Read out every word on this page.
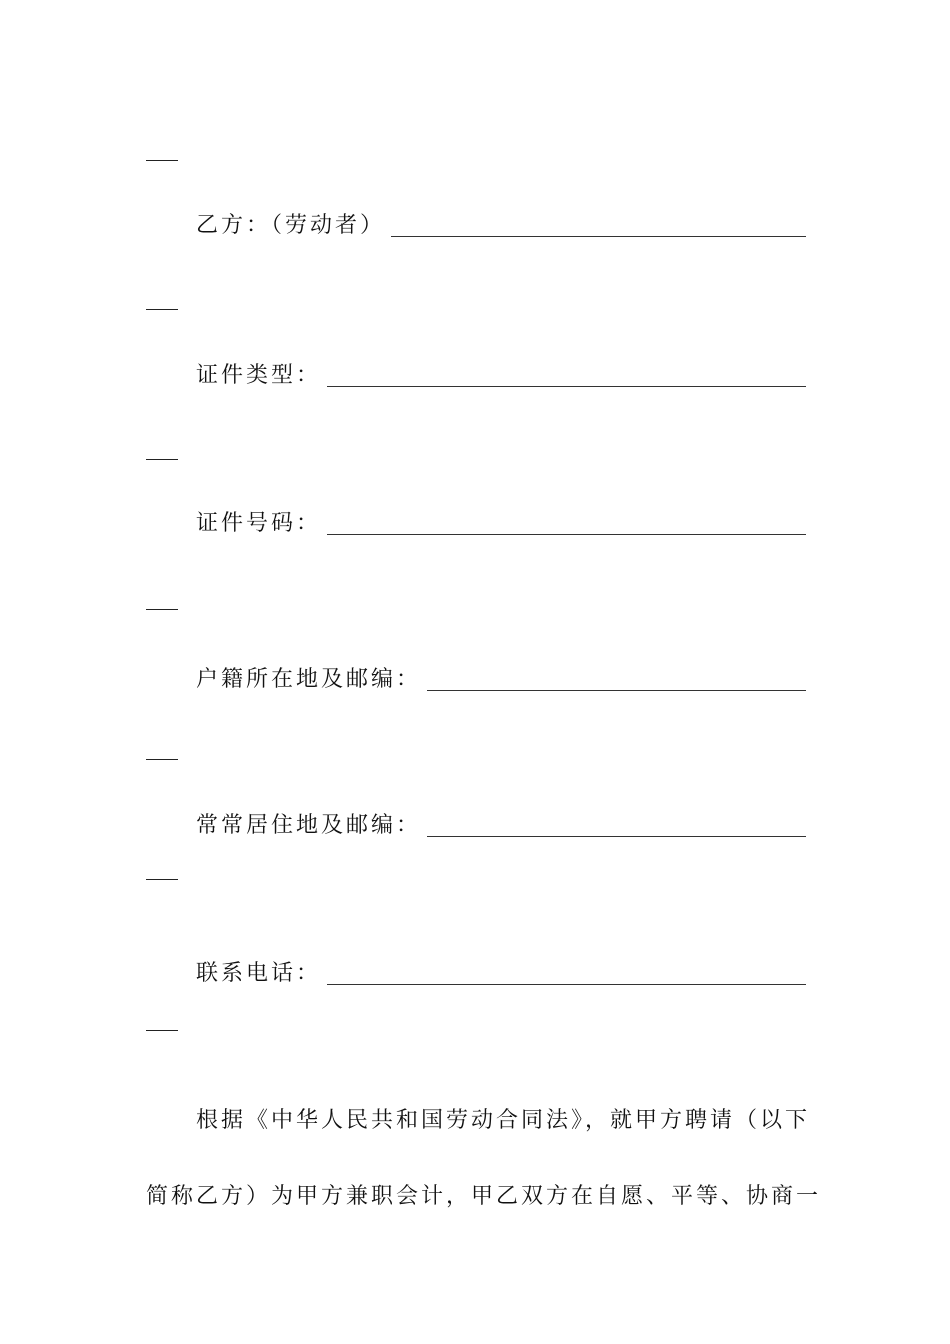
乙方：（劳动者）
证件类型：
证件号码：
户籍所在地及邮编：
常常居住地及邮编：
联系电话：
根据《中华人民共和国劳动合同法》，就甲方聘请（以下
简称乙方）为甲方兼职会计，甲乙双方在自愿、平等、协商一
